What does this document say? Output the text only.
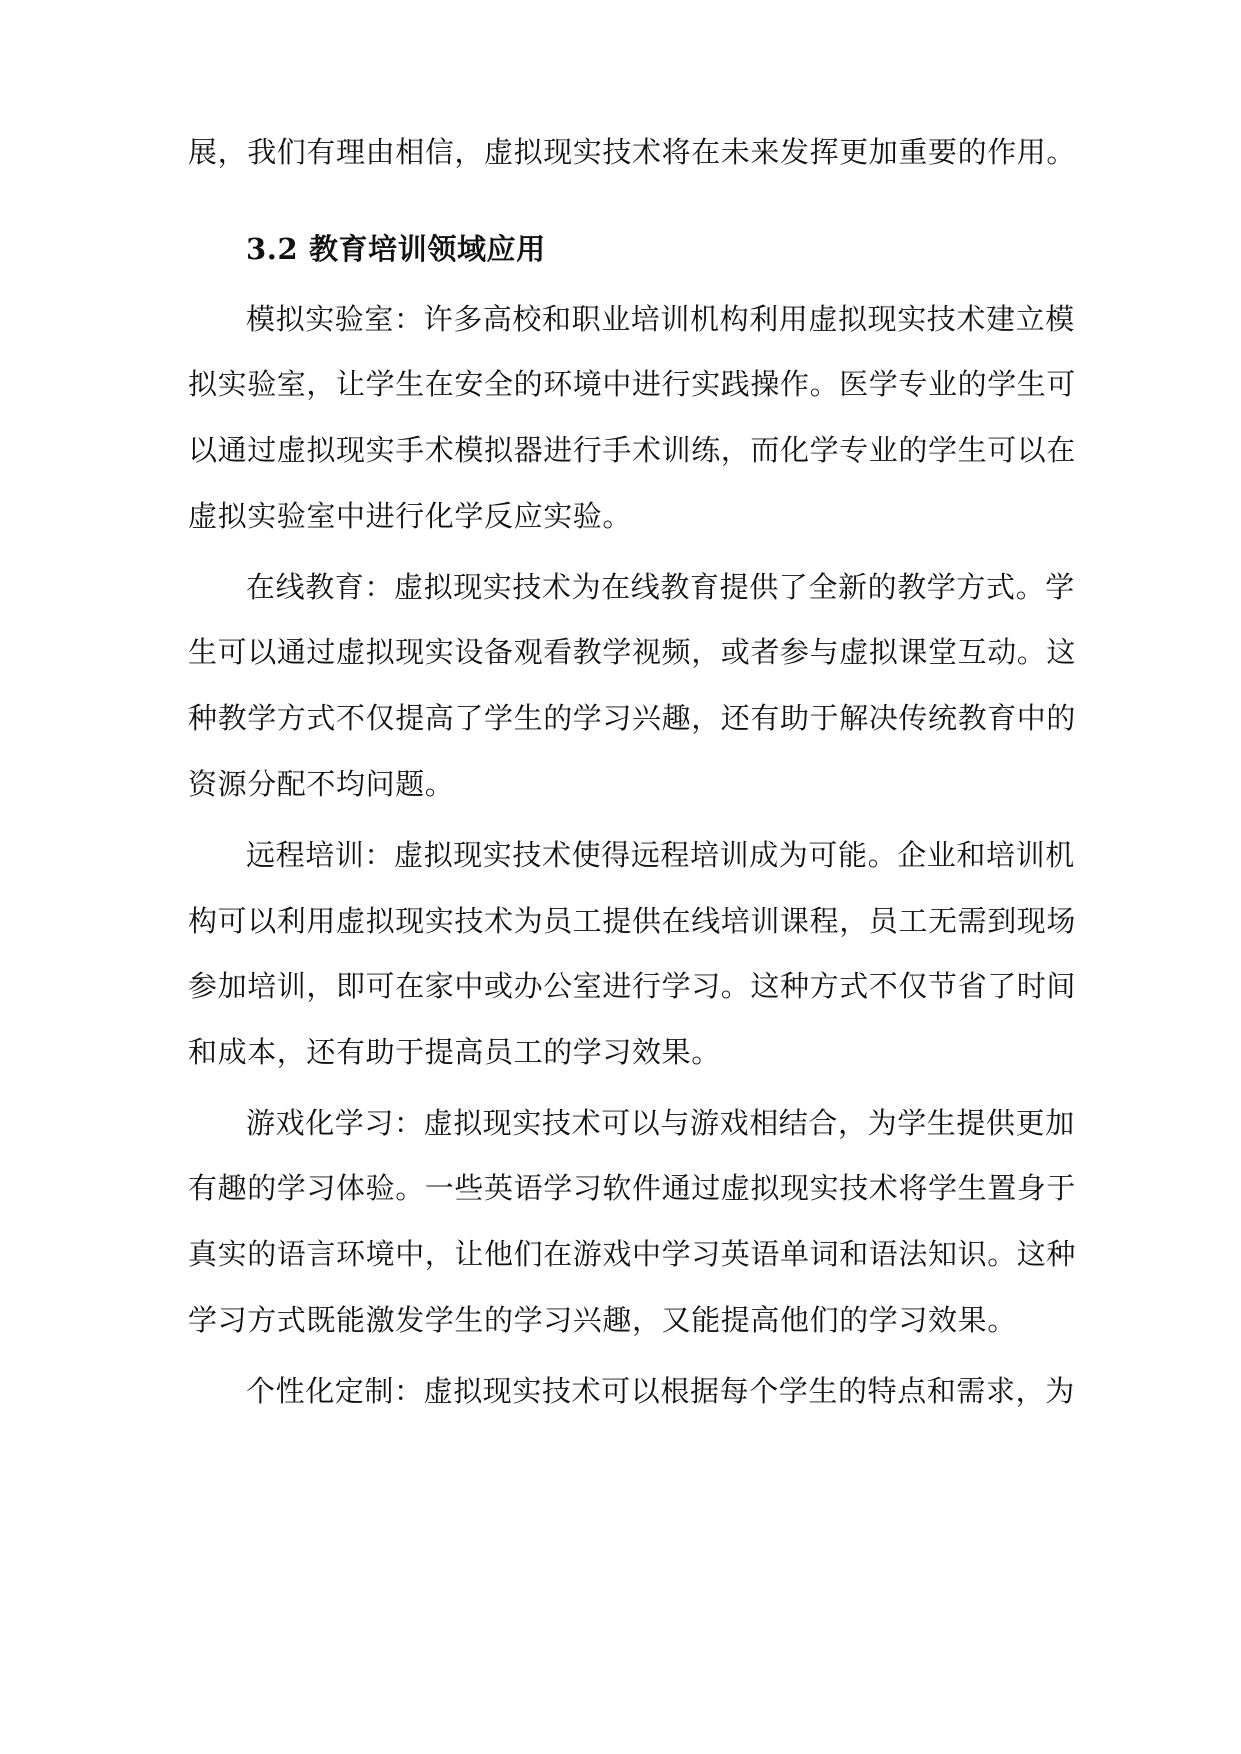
展，我们有理由相信，虚拟现实技术将在未来发挥更加重要的作用。
3.2 教育培训领域应用
模拟实验室：许多高校和职业培训机构利用虚拟现实技术建立模
拟实验室，让学生在安全的环境中进行实践操作。医学专业的学生可
以通过虚拟现实手术模拟器进行手术训练，而化学专业的学生可以在
虚拟实验室中进行化学反应实验。
在线教育：虚拟现实技术为在线教育提供了全新的教学方式。学
生可以通过虚拟现实设备观看教学视频，或者参与虚拟课堂互动。这
种教学方式不仅提高了学生的学习兴趣，还有助于解决传统教育中的
资源分配不均问题。
远程培训：虚拟现实技术使得远程培训成为可能。企业和培训机
构可以利用虚拟现实技术为员工提供在线培训课程，员工无需到现场
参加培训，即可在家中或办公室进行学习。这种方式不仅节省了时间
和成本，还有助于提高员工的学习效果。
游戏化学习：虚拟现实技术可以与游戏相结合，为学生提供更加
有趣的学习体验。一些英语学习软件通过虚拟现实技术将学生置身于
真实的语言环境中，让他们在游戏中学习英语单词和语法知识。这种
学习方式既能激发学生的学习兴趣，又能提高他们的学习效果。
个性化定制：虚拟现实技术可以根据每个学生的特点和需求，为
